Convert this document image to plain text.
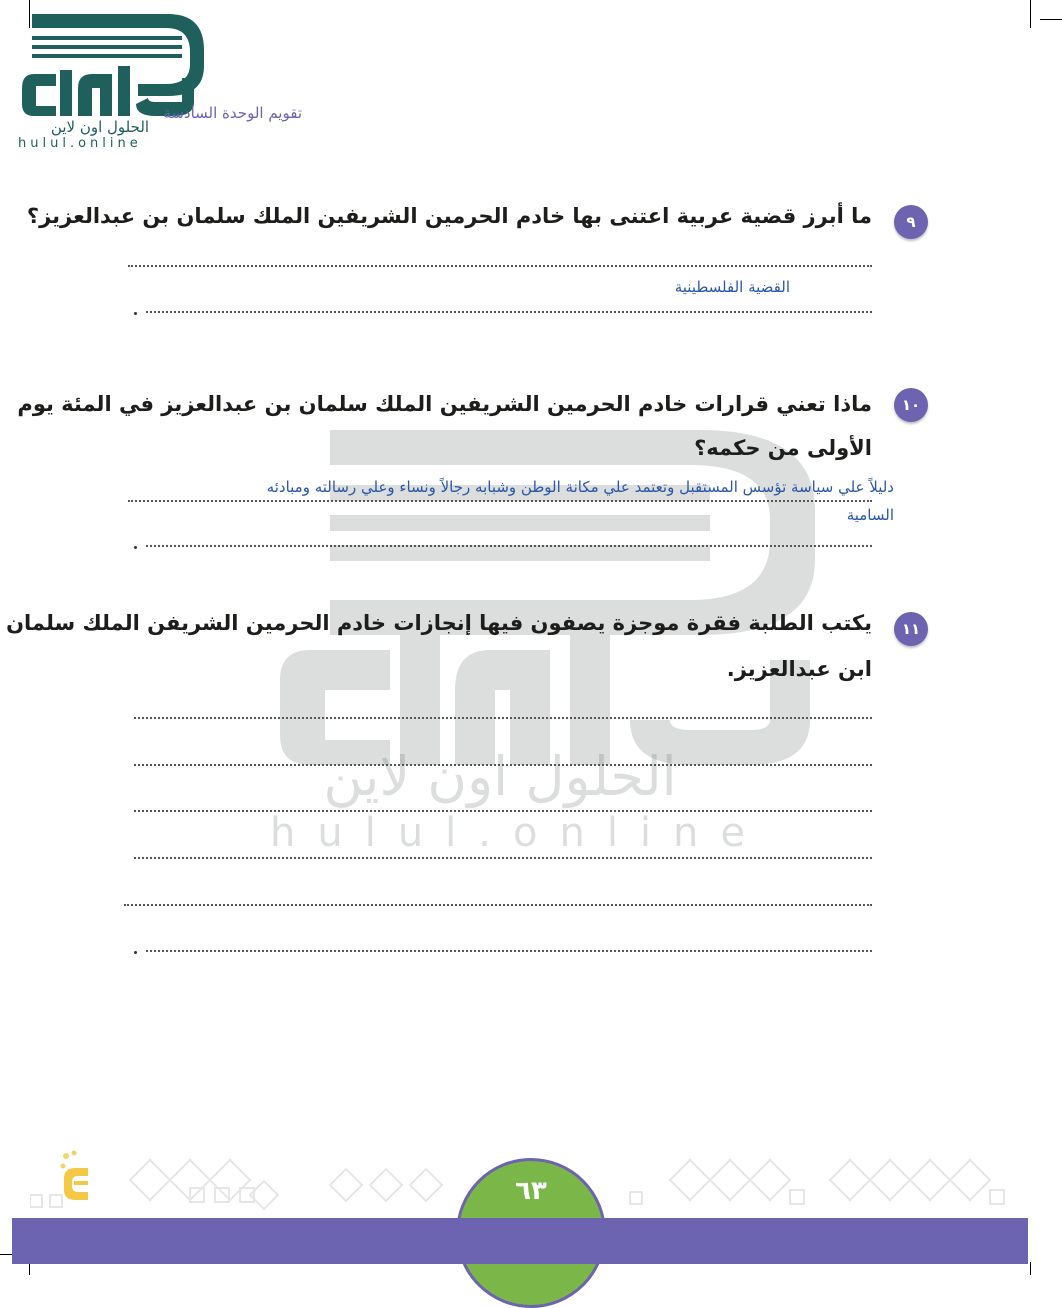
الحلول اون لاين
hulul.online
الحلول اون لاين
hulul.online
تقويم الوحدة السادسة
٩
ما أبرز قضية عربية اعتنى بها خادم الحرمين الشريفين الملك سلمان بن عبدالعزيز؟
القضية الفلسطينية
١٠
ماذا تعني قرارات خادم الحرمين الشريفين الملك سلمان بن عبدالعزيز في المئة يوم
الأولى من حكمه؟
دليلاً علي سياسة تؤسس المستقبل وتعتمد علي مكانة الوطن وشبابه رجالاً ونساء وعلي رسالته ومبادئه
السامية
١١
يكتب الطلبة فقرة موجزة يصفون فيها إنجازات خادم الحرمين الشريفن الملك سلمان
ابن عبدالعزيز.
٦٣
